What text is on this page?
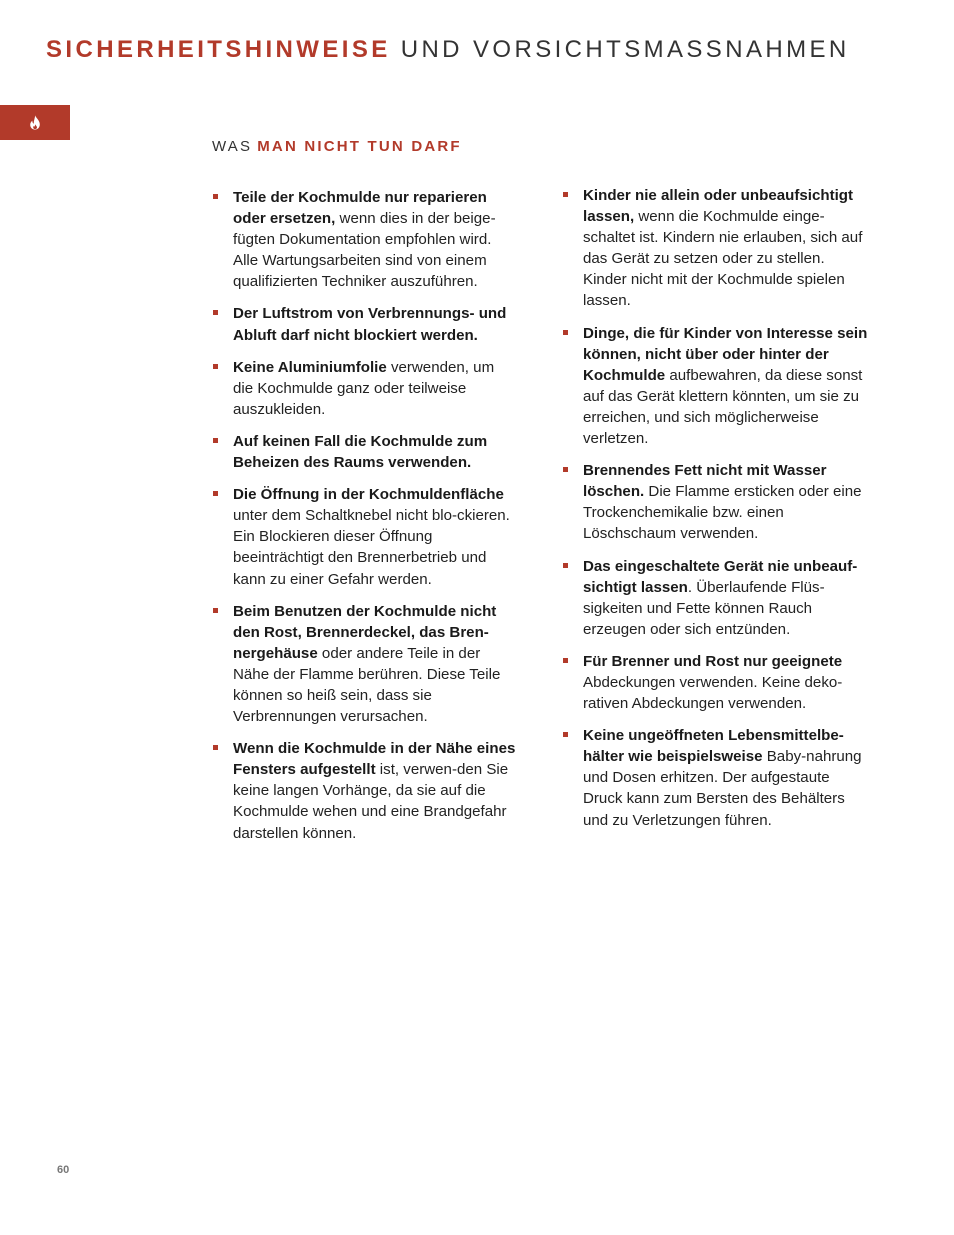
SICHERHEITSHINWEISE UND VORSICHTSMASSNAHMEN
WAS MAN NICHT TUN DARF
Teile der Kochmulde nur reparieren oder ersetzen, wenn dies in der beige-fügten Dokumentation empfohlen wird. Alle Wartungsarbeiten sind von einem qualifizierten Techniker auszuführen.
Der Luftstrom von Verbrennungs- und Abluft darf nicht blockiert werden.
Keine Aluminiumfolie verwenden, um die Kochmulde ganz oder teilweise auszukleiden.
Auf keinen Fall die Kochmulde zum Beheizen des Raums verwenden.
Die Öffnung in der Kochmuldenfläche unter dem Schaltknebel nicht blo-ckieren. Ein Blockieren dieser Öffnung beeinträchtigt den Brennerbetrieb und kann zu einer Gefahr werden.
Beim Benutzen der Kochmulde nicht den Rost, Brennerdeckel, das Bren-nergehäuse oder andere Teile in der Nähe der Flamme berühren. Diese Teile können so heiß sein, dass sie Verbrennungen verursachen.
Wenn die Kochmulde in der Nähe eines Fensters aufgestellt ist, verwen-den Sie keine langen Vorhänge, da sie auf die Kochmulde wehen und eine Brandgefahr darstellen können.
Kinder nie allein oder unbeaufsichtigt lassen, wenn die Kochmulde einge-schaltet ist. Kindern nie erlauben, sich auf das Gerät zu setzen oder zu stellen. Kinder nicht mit der Kochmulde spielen lassen.
Dinge, die für Kinder von Interesse sein können, nicht über oder hinter der Kochmulde aufbewahren, da diese sonst auf das Gerät klettern könnten, um sie zu erreichen, und sich möglicherweise verletzen.
Brennendes Fett nicht mit Wasser löschen. Die Flamme ersticken oder eine Trockenchemikalie bzw. einen Löschschaum verwenden.
Das eingeschaltete Gerät nie unbeauf-sichtigt lassen. Überlaufende Flüs-sigkeiten und Fette können Rauch erzeugen oder sich entzünden.
Für Brenner und Rost nur geeignete Abdeckungen verwenden. Keine deko-rativen Abdeckungen verwenden.
Keine ungeöffneten Lebensmittelbe-hälter wie beispielsweise Baby-nahrung und Dosen erhitzen. Der aufgestaute Druck kann zum Bersten des Behälters und zu Verletzungen führen.
60
